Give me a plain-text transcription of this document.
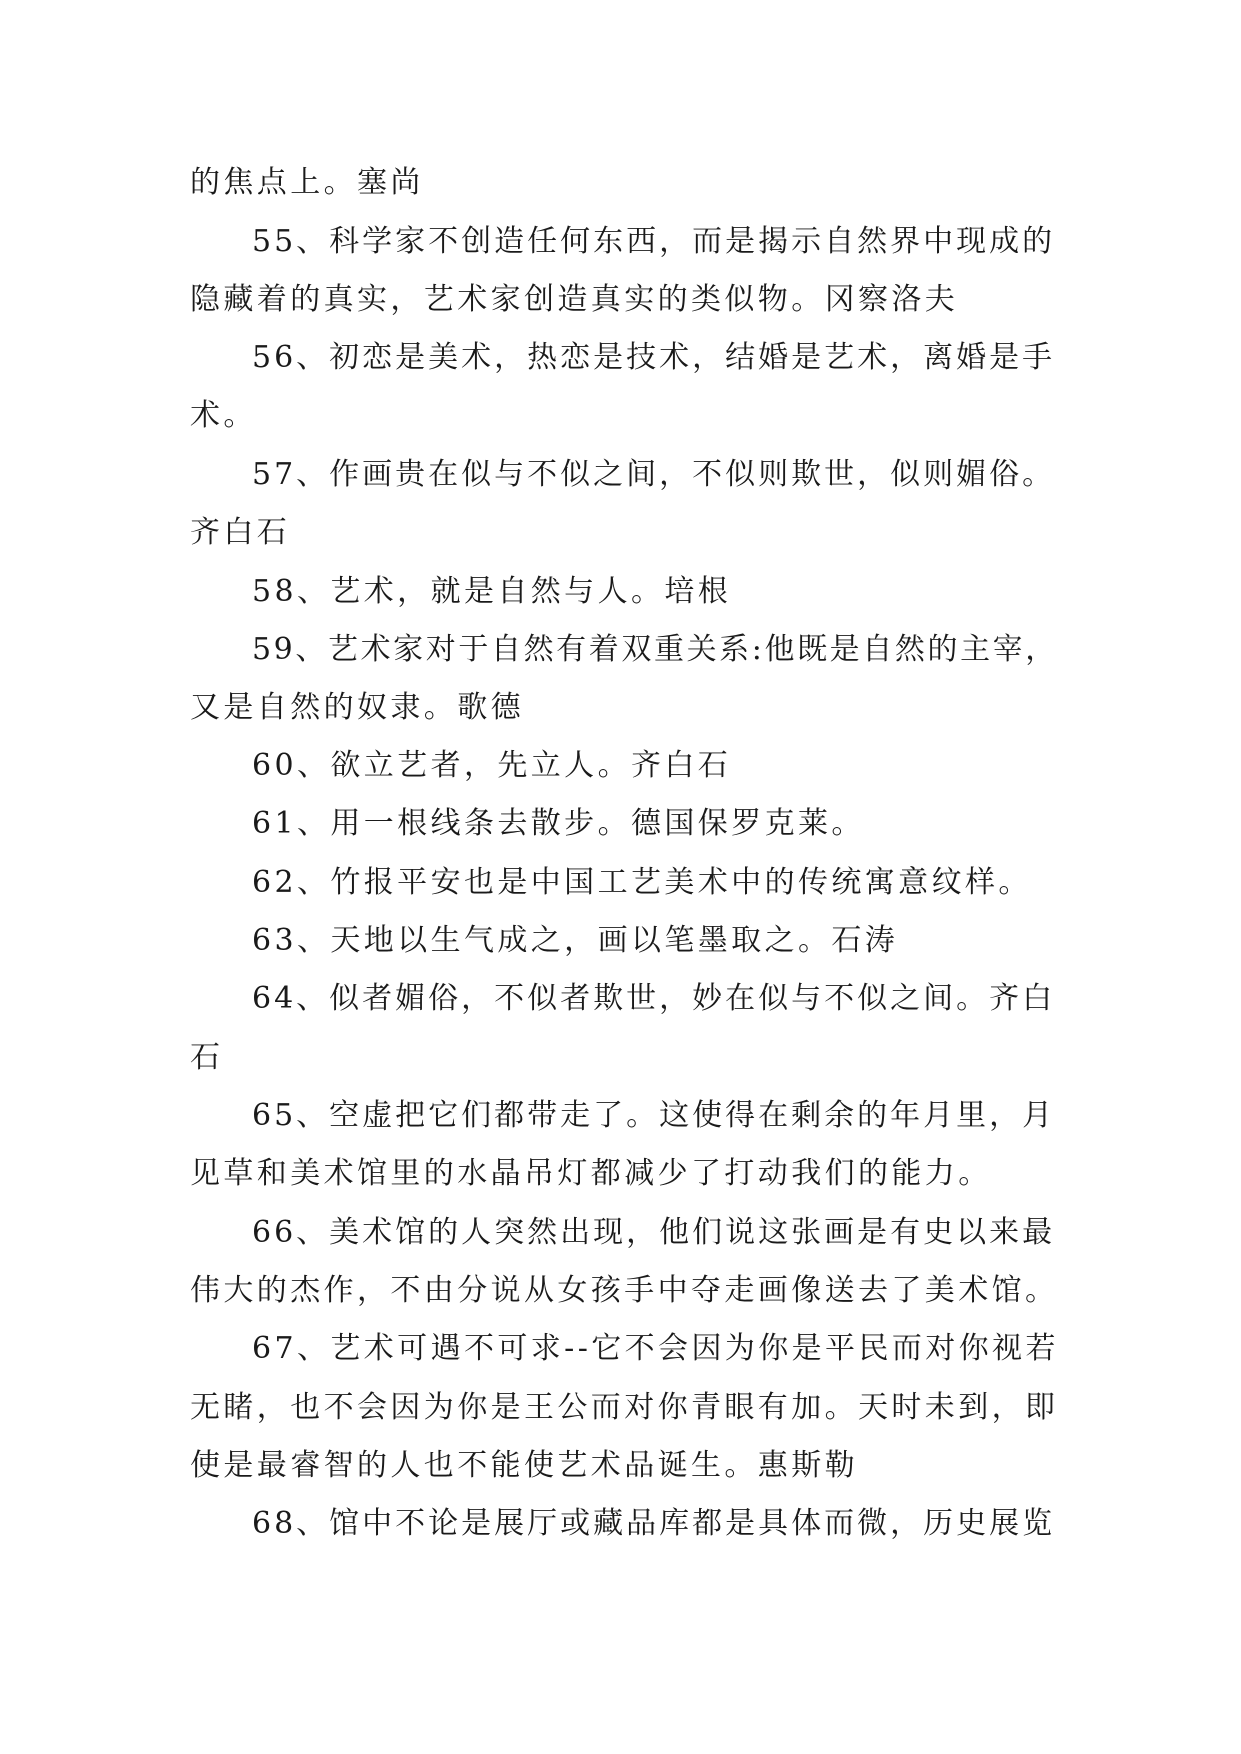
的焦点上。塞尚
55、科学家不创造任何东西，而是揭示自然界中现成的
隐藏着的真实，艺术家创造真实的类似物。冈察洛夫
56、初恋是美术，热恋是技术，结婚是艺术，离婚是手
术。
57、作画贵在似与不似之间，不似则欺世，似则媚俗。
齐白石
58、艺术，就是自然与人。培根
59、艺术家对于自然有着双重关系:他既是自然的主宰，
又是自然的奴隶。歌德
60、欲立艺者，先立人。齐白石
61、用一根线条去散步。德国保罗克莱。
62、竹报平安也是中国工艺美术中的传统寓意纹样。
63、天地以生气成之，画以笔墨取之。石涛
64、似者媚俗，不似者欺世，妙在似与不似之间。齐白
石
65、空虚把它们都带走了。这使得在剩余的年月里，月
见草和美术馆里的水晶吊灯都减少了打动我们的能力。
66、美术馆的人突然出现，他们说这张画是有史以来最
伟大的杰作，不由分说从女孩手中夺走画像送去了美术馆。
67、艺术可遇不可求--它不会因为你是平民而对你视若
无睹，也不会因为你是王公而对你青眼有加。天时未到，即
使是最睿智的人也不能使艺术品诞生。惠斯勒
68、馆中不论是展厅或藏品库都是具体而微，历史展览
